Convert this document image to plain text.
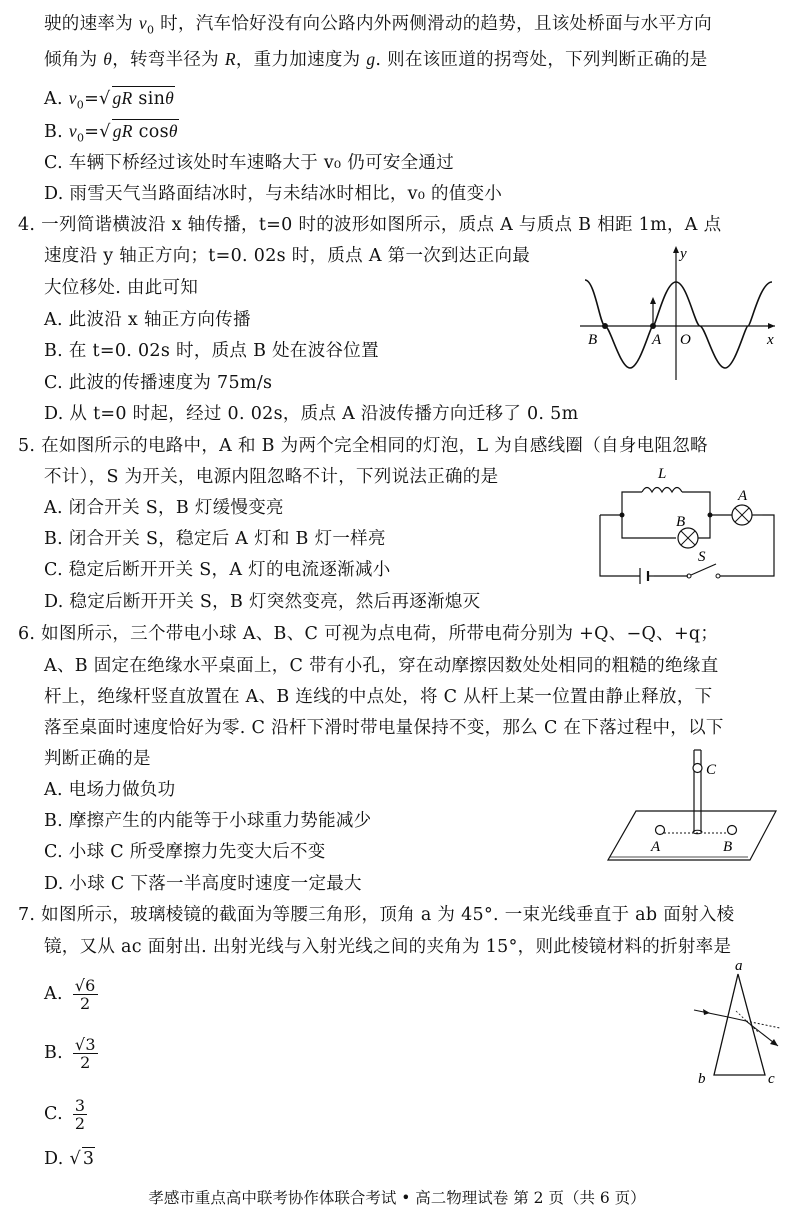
驶的速率为 $v_0$ 时，汽车恰好没有向公路内外两侧滑动的趋势，且该处桥面与水平方向
倾角为 θ，转弯半径为 R，重力加速度为 g. 则在该匝道的拐弯处，下列判断正确的是
A. $v_0=√$ gR sinθ
B. $v_0=√$ gR cosθ
C. 车辆下桥经过该处时车速略大于 v₀ 仍可安全通过
D. 雨雪天气当路面结冰时，与未结冰时相比，v₀ 的值变小
4. 一列简谐横波沿 x 轴传播，t=0 时的波形如图所示，质点 A 与质点 B 相距 1m，A 点
速度沿 y 轴正方向；t=0. 02s 时，质点 A 第一次到达正向最
大位移处. 由此可知
A. 此波沿 x 轴正方向传播
B. 在 t=0. 02s 时，质点 B 处在波谷位置
C. 此波的传播速度为 75m/s
D. 从 t=0 时起，经过 0. 02s，质点 A 沿波传播方向迁移了 0. 5m
y
x
B	A O
5. 在如图所示的电路中，A 和 B 为两个完全相同的灯泡，L 为自感线圈（自身电阻忽略
不计），S 为开关，电源内阻忽略不计，下列说法正确的是
A. 闭合开关 S，B 灯缓慢变亮
B. 闭合开关 S，稳定后 A 灯和 B 灯一样亮
C. 稳定后断开开关 S，A 灯的电流逐渐减小
D. 稳定后断开开关 S，B 灯突然变亮，然后再逐渐熄灭
S
L
B
A
6. 如图所示，三个带电小球 A、B、C 可视为点电荷，所带电荷分别为 +Q、−Q、+q；
A、B 固定在绝缘水平桌面上，C 带有小孔，穿在动摩擦因数处处相同的粗糙的绝缘直
杆上，绝缘杆竖直放置在 A、B 连线的中点处，将 C 从杆上某一位置由静止释放，下
落至桌面时速度恰好为零. C 沿杆下滑时带电量保持不变，那么 C 在下落过程中，以下
判断正确的是
A. 电场力做负功
B. 摩擦产生的内能等于小球重力势能减少
C. 小球 C 所受摩擦力先变大后不变
D. 小球 C 下落一半高度时速度一定最大
C
A	B
7. 如图所示，玻璃棱镜的截面为等腰三角形，顶角 a 为 45°. 一束光线垂直于 ab 面射入棱
镜，又从 ac 面射出. 出射光线与入射光线之间的夹角为 15°，则此棱镜材料的折射率是
A. $\frac{√6}{2}$
B. $\frac{√3}{2}$
C. $\frac{3}{2}$
D. √ 3
a
b	c
孝感市重点高中联考协作体联合考试 • 高二物理试卷 第 2 页（共 6 页）
